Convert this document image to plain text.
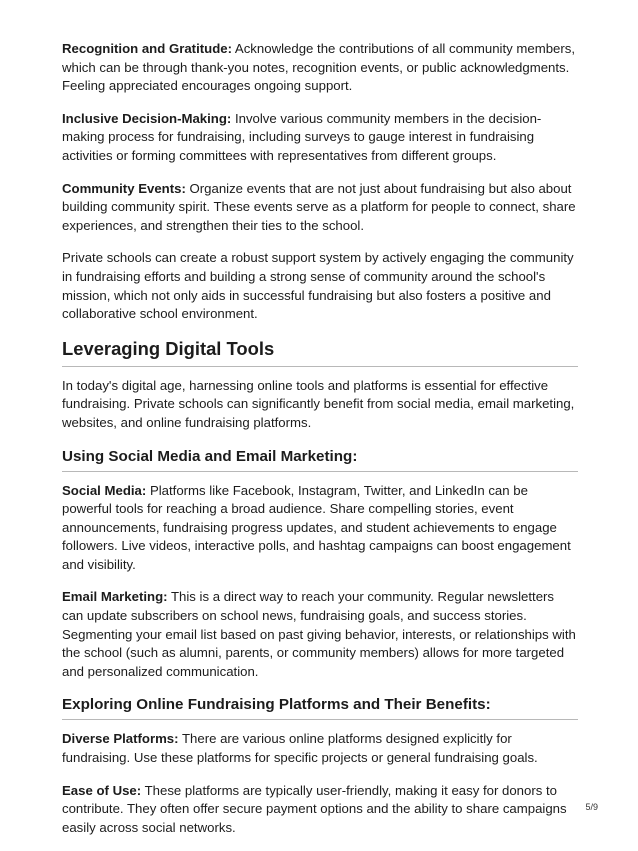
Recognition and Gratitude: Acknowledge the contributions of all community members, which can be through thank-you notes, recognition events, or public acknowledgments. Feeling appreciated encourages ongoing support.

Inclusive Decision-Making: Involve various community members in the decision-making process for fundraising, including surveys to gauge interest in fundraising activities or forming committees with representatives from different groups.

Community Events: Organize events that are not just about fundraising but also about building community spirit. These events serve as a platform for people to connect, share experiences, and strengthen their ties to the school.

Private schools can create a robust support system by actively engaging the community in fundraising efforts and building a strong sense of community around the school's mission, which not only aids in successful fundraising but also fosters a positive and collaborative school environment.

Leveraging Digital Tools

In today's digital age, harnessing online tools and platforms is essential for effective fundraising. Private schools can significantly benefit from social media, email marketing, websites, and online fundraising platforms.

Using Social Media and Email Marketing:

Social Media: Platforms like Facebook, Instagram, Twitter, and LinkedIn can be powerful tools for reaching a broad audience. Share compelling stories, event announcements, fundraising progress updates, and student achievements to engage followers. Live videos, interactive polls, and hashtag campaigns can boost engagement and visibility.

Email Marketing: This is a direct way to reach your community. Regular newsletters can update subscribers on school news, fundraising goals, and success stories. Segmenting your email list based on past giving behavior, interests, or relationships with the school (such as alumni, parents, or community members) allows for more targeted and personalized communication.

Exploring Online Fundraising Platforms and Their Benefits:

Diverse Platforms: There are various online platforms designed explicitly for fundraising. Use these platforms for specific projects or general fundraising goals.

Ease of Use: These platforms are typically user-friendly, making it easy for donors to contribute. They often offer secure payment options and the ability to share campaigns easily across social networks.

5/9
